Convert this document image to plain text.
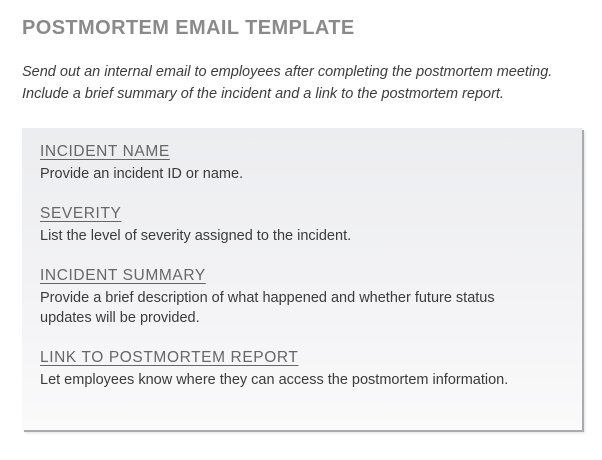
POSTMORTEM EMAIL TEMPLATE
Send out an internal email to employees after completing the postmortem meeting.
Include a brief summary of the incident and a link to the postmortem report.
INCIDENT NAME
Provide an incident ID or name.
SEVERITY
List the level of severity assigned to the incident.
INCIDENT SUMMARY
Provide a brief description of what happened and whether future status
updates will be provided.
LINK TO POSTMORTEM REPORT
Let employees know where they can access the postmortem information.
